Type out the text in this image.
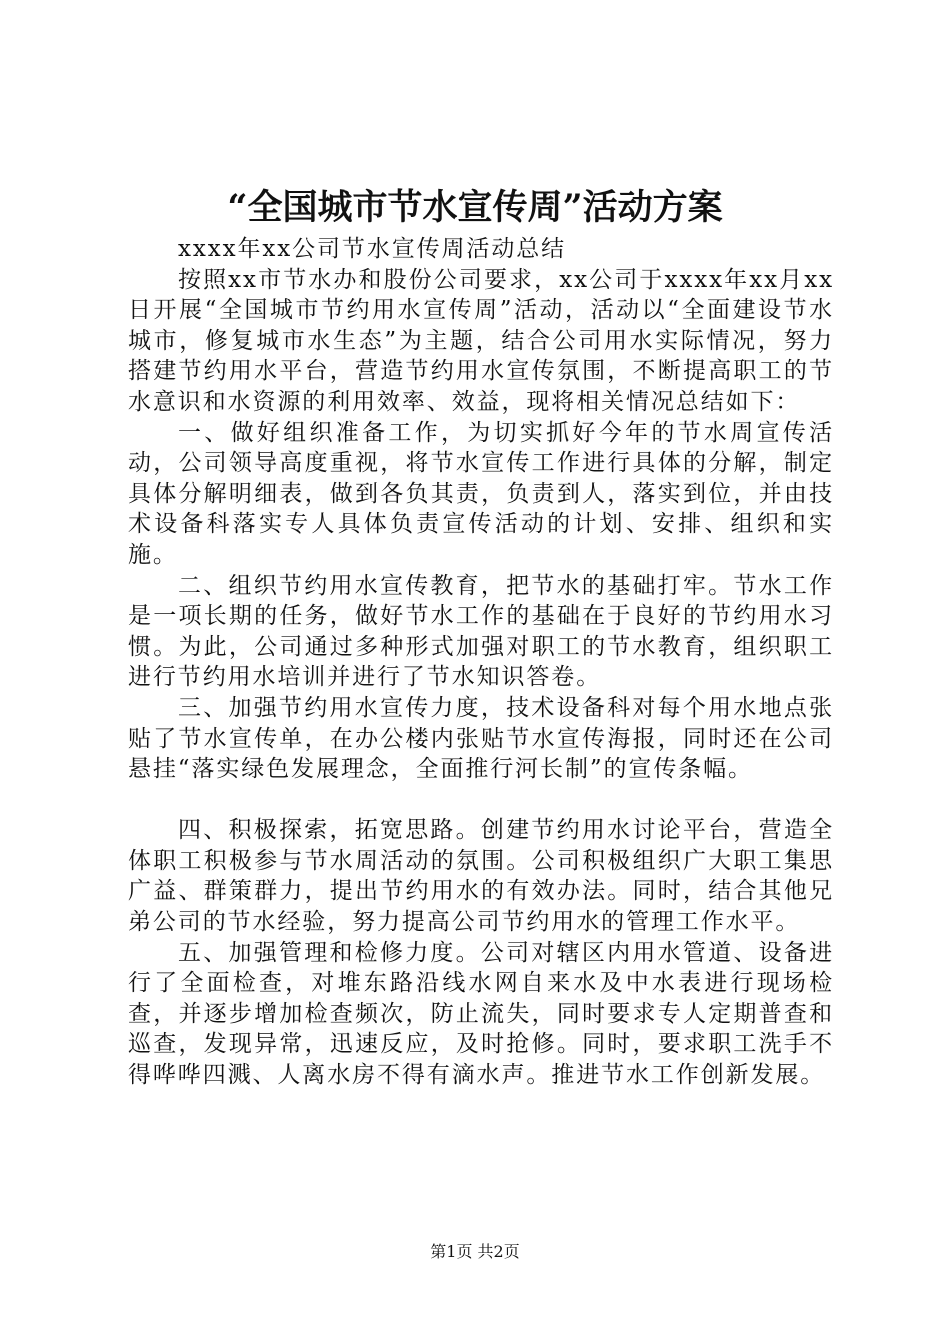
“全国城市节水宣传周”活动方案

xxxx年xx公司节水宣传周活动总结

按照xx市节水办和股份公司要求，xx公司于xxxx年xx月xx日开展“全国城市节约用水宣传周”活动，活动以“全面建设节水城市，修复城市水生态”为主题，结合公司用水实际情况，努力搭建节约用水平台，营造节约用水宣传氛围，不断提高职工的节水意识和水资源的利用效率、效益，现将相关情况总结如下：

一、做好组织准备工作，为切实抓好今年的节水周宣传活动，公司领导高度重视，将节水宣传工作进行具体的分解，制定具体分解明细表，做到各负其责，负责到人，落实到位，并由技术设备科落实专人具体负责宣传活动的计划、安排、组织和实施。

二、组织节约用水宣传教育，把节水的基础打牢。节水工作是一项长期的任务，做好节水工作的基础在于良好的节约用水习惯。为此，公司通过多种形式加强对职工的节水教育，组织职工进行节约用水培训并进行了节水知识答卷。

三、加强节约用水宣传力度，技术设备科对每个用水地点张贴了节水宣传单，在办公楼内张贴节水宣传海报，同时还在公司悬挂“落实绿色发展理念，全面推行河长制”的宣传条幅。

四、积极探索，拓宽思路。创建节约用水讨论平台，营造全体职工积极参与节水周活动的氛围。公司积极组织广大职工集思广益、群策群力，提出节约用水的有效办法。同时，结合其他兄弟公司的节水经验，努力提高公司节约用水的管理工作水平。

五、加强管理和检修力度。公司对辖区内用水管道、设备进行了全面检查，对堆东路沿线水网自来水及中水表进行现场检查，并逐步增加检查频次，防止流失，同时要求专人定期普查和巡查，发现异常，迅速反应，及时抢修。同时，要求职工洗手不得哗哗四溅、人离水房不得有滴水声。推进节水工作创新发展。

第1页 共2页
